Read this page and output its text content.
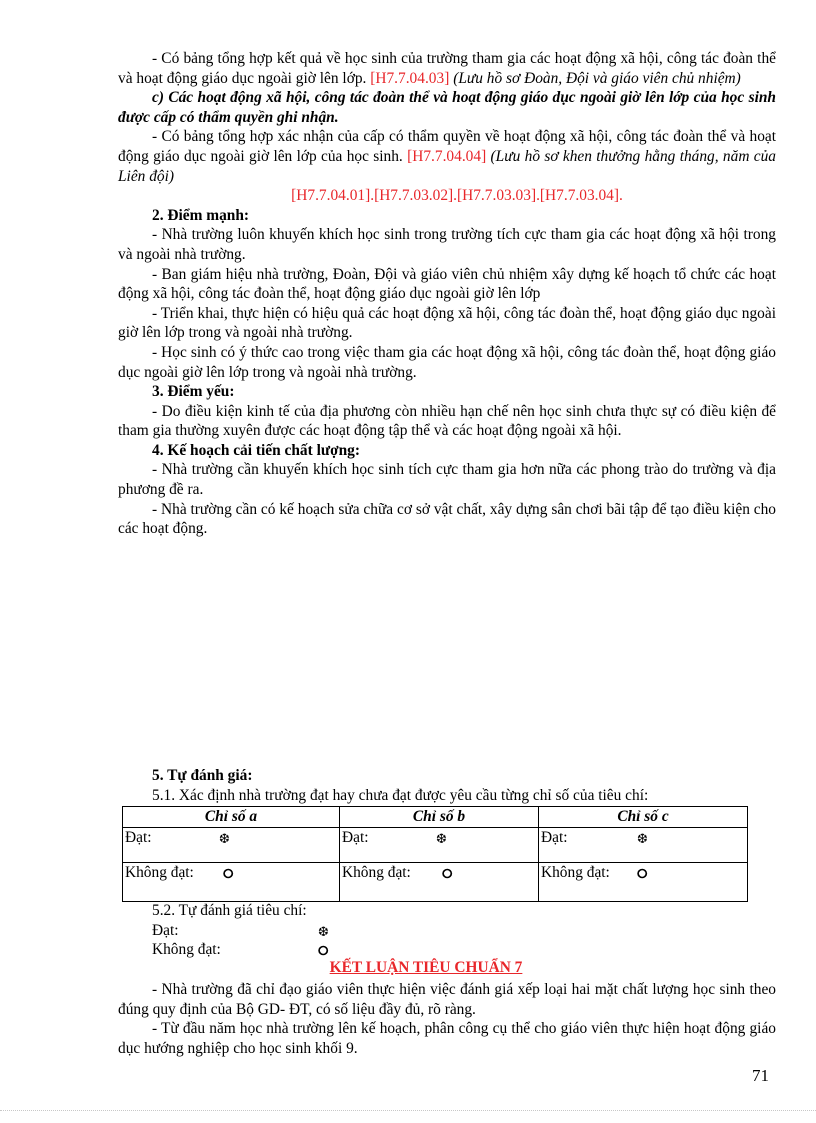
- Có bảng tổng hợp kết quả về học sinh của trường tham gia các hoạt động xã hội, công tác đoàn thể và hoạt động giáo dục ngoài giờ lên lớp. [H7.7.04.03] (Lưu hồ sơ Đoàn, Đội và giáo viên chủ nhiệm)

c) Các hoạt động xã hội, công tác đoàn thể và hoạt động giáo dục ngoài giờ lên lớp của học sinh được cấp có thẩm quyền ghi nhận.

- Có bảng tổng hợp xác nhận của cấp có thẩm quyền về hoạt động xã hội, công tác đoàn thể và hoạt động giáo dục ngoài giờ lên lớp của học sinh. [H7.7.04.04] (Lưu hồ sơ khen thưởng hằng tháng, năm của Liên đội)

[H7.7.04.01].[H7.7.03.02].[H7.7.03.03].[H7.7.03.04].

2. Điểm mạnh:

- Nhà trường luôn khuyến khích học sinh trong trường tích cực tham gia các hoạt động xã hội trong và ngoài nhà trường.

- Ban giám hiệu nhà trường, Đoàn, Đội và giáo viên chủ nhiệm xây dựng kế hoạch tổ chức các hoạt động xã hội, công tác đoàn thể, hoạt động giáo dục ngoài giờ lên lớp

- Triển khai, thực hiện có hiệu quả các hoạt động xã hội, công tác đoàn thể, hoạt động giáo dục ngoài giờ lên lớp trong và ngoài nhà trường.

- Học sinh có ý thức cao trong việc tham gia các hoạt động xã hội, công tác đoàn thể, hoạt động giáo dục ngoài giờ lên lớp trong và ngoài nhà trường.

3. Điểm yếu:

- Do điều kiện kinh tế của địa phương còn nhiều hạn chế nên học sinh chưa thực sự có điều kiện để tham gia thường xuyên được các hoạt động tập thể và các hoạt động ngoài xã hội.

4. Kế hoạch cải tiến chất lượng:

- Nhà trường cần khuyến khích học sinh tích cực tham gia hơn nữa các phong trào do trường và địa phương đề ra.

- Nhà trường cần có kế hoạch sửa chữa cơ sở vật chất, xây dựng sân chơi bãi tập để tạo điều kiện cho các hoạt động.

5. Tự đánh giá:
5.1. Xác định nhà trường đạt hay chưa đạt được yêu cầu từng chỉ số của tiêu chí:
Chỉ số a	Chỉ số b	Chỉ số c
Đạt: ❆	Đạt: ❆	Đạt: ❆

Không đạt: ⭘	Không đạt: ⭘	Không đạt: ⭘
5.2. Tự đánh giá tiêu chí:
Đạt:	❆
Không đạt:	⭘
KẾT LUẬN TIÊU CHUẨN 7

- Nhà trường đã chỉ đạo giáo viên thực hiện việc đánh giá xếp loại hai mặt chất lượng học sinh theo đúng quy định của Bộ GD- ĐT, có số liệu đầy đủ, rõ ràng.

- Từ đầu năm học nhà trường lên kế hoạch, phân công cụ thể cho giáo viên thực hiện hoạt động giáo dục hướng nghiệp cho học sinh khối 9.

71
